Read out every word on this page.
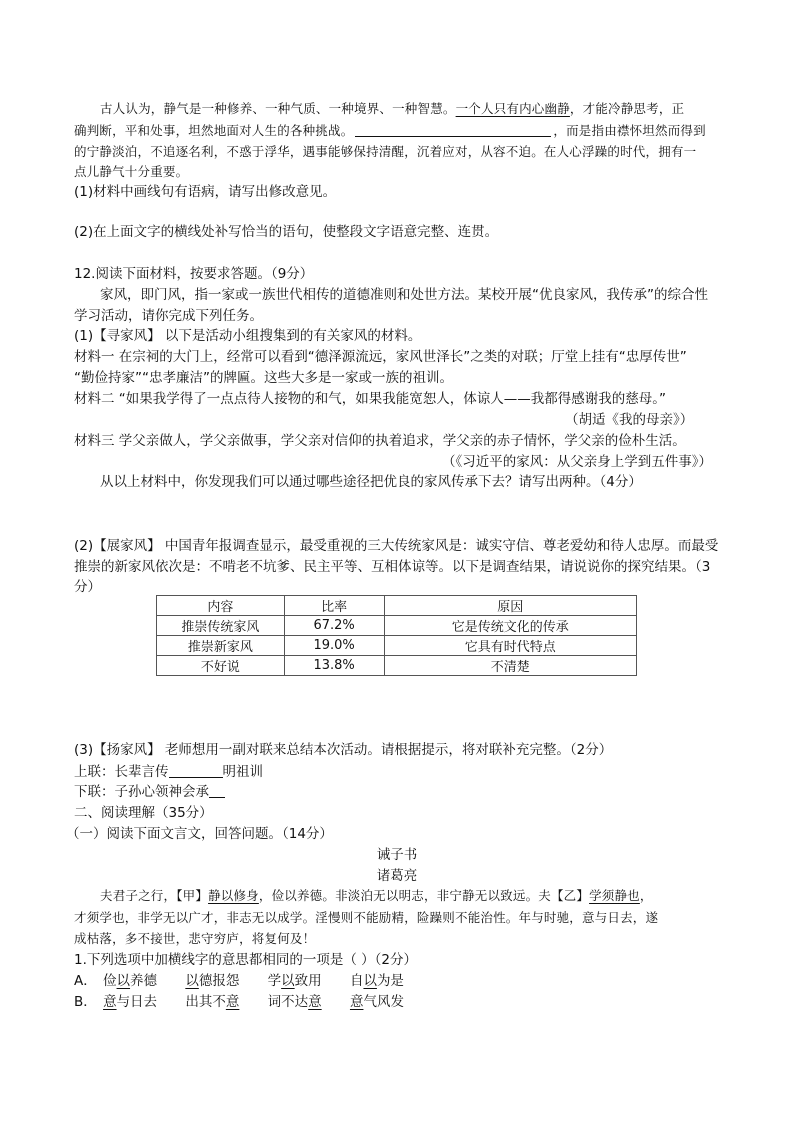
古人认为，静气是一种修养、一种气质、一种境界、一种智慧。一个人只有内心幽静，才能冷静思考，正
确判断，平和处事，坦然地面对人生的各种挑战。	，而是指由襟怀坦然而得到
的宁静淡泊，不追逐名利，不惑于浮华，遇事能够保持清醒，沉着应对，从容不迫。在人心浮躁的时代，拥有一
点儿静气十分重要。
(1)材料中画线句有语病，请写出修改意见。
(2)在上面文字的横线处补写恰当的语句，使整段文字语意完整、连贯。
12.阅读下面材料，按要求答题。（9分）
家风，即门风，指一家或一族世代相传的道德准则和处世方法。某校开展“优良家风，我传承”的综合性
学习活动，请你完成下列任务。
(1)【寻家风】 以下是活动小组搜集到的有关家风的材料。
材料一 在宗祠的大门上，经常可以看到“德泽源流远，家风世泽长”之类的对联；厅堂上挂有“忠厚传世”
“勤俭持家”“忠孝廉洁”的牌匾。这些大多是一家或一族的祖训。
材料二 “如果我学得了一点点待人接物的和气，如果我能宽恕人，体谅人——我都得感谢我的慈母。”
（胡适《我的母亲》）
材料三 学父亲做人，学父亲做事，学父亲对信仰的执着追求，学父亲的赤子情怀，学父亲的俭朴生活。
（《习近平的家风：从父亲身上学到五件事》）
从以上材料中，你发现我们可以通过哪些途径把优良的家风传承下去？请写出两种。（4分）
(2)【展家风】 中国青年报调查显示，最受重视的三大传统家风是：诚实守信、尊老爱幼和待人忠厚。而最受
推崇的新家风依次是：不啃老不坑爹、民主平等、互相体谅等。以下是调查结果，请说说你的探究结果。（3
分）
内容	比率	原因
推崇传统家风	67.2%	它是传统文化的传承
推崇新家风	19.0%	它具有时代特点
不好说	13.8%	不清楚
(3)【扬家风】 老师想用一副对联来总结本次活动。请根据提示，将对联补充完整。（2分）
上联：长辈言传	明祖训
下联：子孙心领神会承
二、阅读理解（35分）
（一）阅读下面文言文，回答问题。（14分）
诫子书
诸葛亮
夫君子之行，【甲】静以修身，俭以养德。非淡泊无以明志，非宁静无以致远。夫【乙】学须静也，
才须学也，非学无以广才，非志无以成学。淫慢则不能励精，险躁则不能治性。年与时驰，意与日去，遂
成枯落，多不接世，悲守穷庐，将复何及！
1.下列选项中加横线字的意思都相同的一项是（ ）（2分）
A． 俭以养德 以德报怨 学以致用 自以为是
B． 意与日去 出其不意 词不达意 意气风发
